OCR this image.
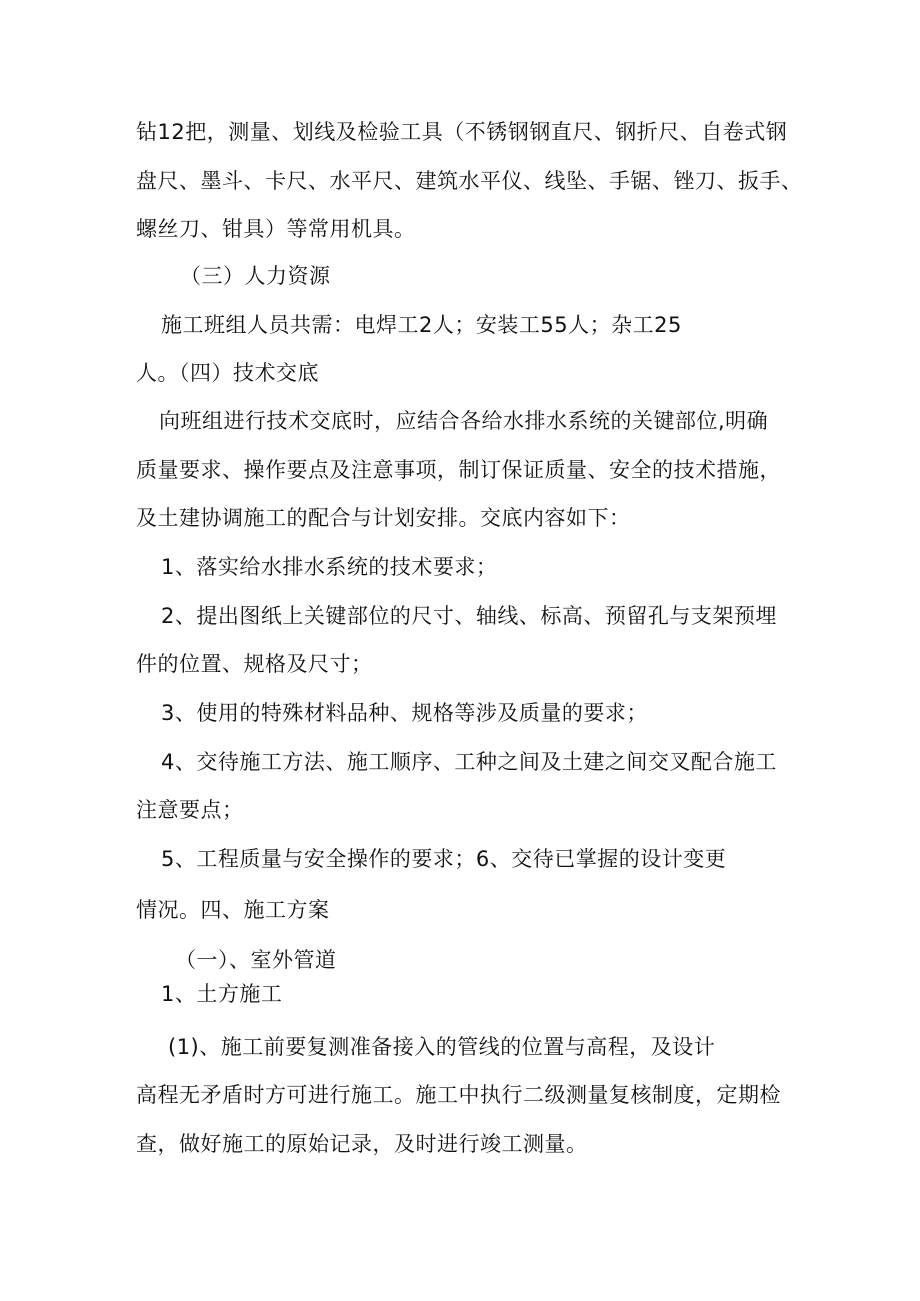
钻12把，测量、划线及检验工具（不锈钢钢直尺、钢折尺、自卷式钢
盘尺、墨斗、卡尺、水平尺、建筑水平仪、线坠、手锯、锉刀、扳手、
螺丝刀、钳具）等常用机具。
（三）人力资源
施工班组人员共需：电焊工2人；安装工55人；杂工25
人。（四）技术交底
向班组进行技术交底时，应结合各给水排水系统的关键部位,明确
质量要求、操作要点及注意事项，制订保证质量、安全的技术措施，
及土建协调施工的配合与计划安排。交底内容如下：
1、落实给水排水系统的技术要求；
2、提出图纸上关键部位的尺寸、轴线、标高、预留孔与支架预埋
件的位置、规格及尺寸；
3、使用的特殊材料品种、规格等涉及质量的要求；
4、交待施工方法、施工顺序、工种之间及土建之间交叉配合施工
注意要点；
5、工程质量与安全操作的要求；6、交待已掌握的设计变更
情况。四、施工方案
（一）、室外管道
1、土方施工
(1)、施工前要复测准备接入的管线的位置与高程，及设计
高程无矛盾时方可进行施工。施工中执行二级测量复核制度，定期检
查，做好施工的原始记录，及时进行竣工测量。
